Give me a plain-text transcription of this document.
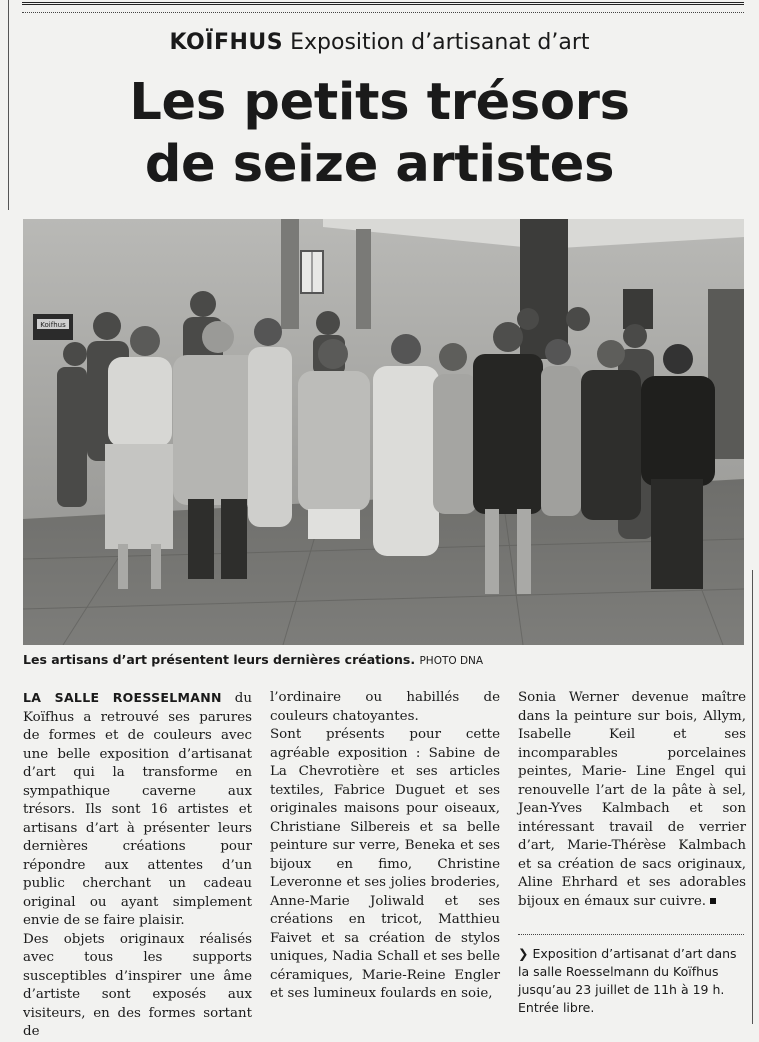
KOÏFHUS Exposition d’artisanat d’art
Les petits trésors
de seize artistes
Koifhus
Les artisans d’art présentent leurs dernières créations. PHOTO DNA

LA SALLE ROESSELMANN du Koïfhus a retrouvé ses parures de formes et de couleurs avec une belle exposition d’artisanat d’art qui la transforme en sympathique caverne aux trésors. Ils sont 16 artistes et artisans d’art à présenter leurs dernières créations pour répondre aux attentes d’un public cherchant un cadeau original ou ayant simplement envie de se faire plaisir.

Des objets originaux réalisés avec tous les supports susceptibles d’inspirer une âme d’artiste sont exposés aux visiteurs, en des formes sortant de

l’ordinaire ou habillés de couleurs chatoyantes.

Sont présents pour cette agréable exposition : Sabine de La Chevrotière et ses articles textiles, Fabrice Duguet et ses originales maisons pour oiseaux, Christiane Silbereis et sa belle peinture sur verre, Beneka et ses bijoux en fimo, Christine Leveronne et ses jolies broderies, Anne-Marie Joliwald et ses créations en tricot, Matthieu Faivet et sa création de stylos uniques, Nadia Schall et ses belle céramiques, Marie-Reine Engler et ses lumineux foulards en soie,

Sonia Werner devenue maître dans la peinture sur bois, Allym, Isabelle Keil et ses incomparables porcelaines peintes, Marie- Line Engel qui renouvelle l’art de la pâte à sel, Jean-Yves Kalmbach et son intéressant travail de verrier d’art, Marie-Thérèse Kalmbach et sa création de sacs originaux, Aline Ehrhard et ses adorables bijoux en émaux sur cuivre.

❯ Exposition d’artisanat d’art dans la salle Roesselmann du Koïfhus jusqu’au 23 juillet de 11h à 19 h. Entrée libre.
